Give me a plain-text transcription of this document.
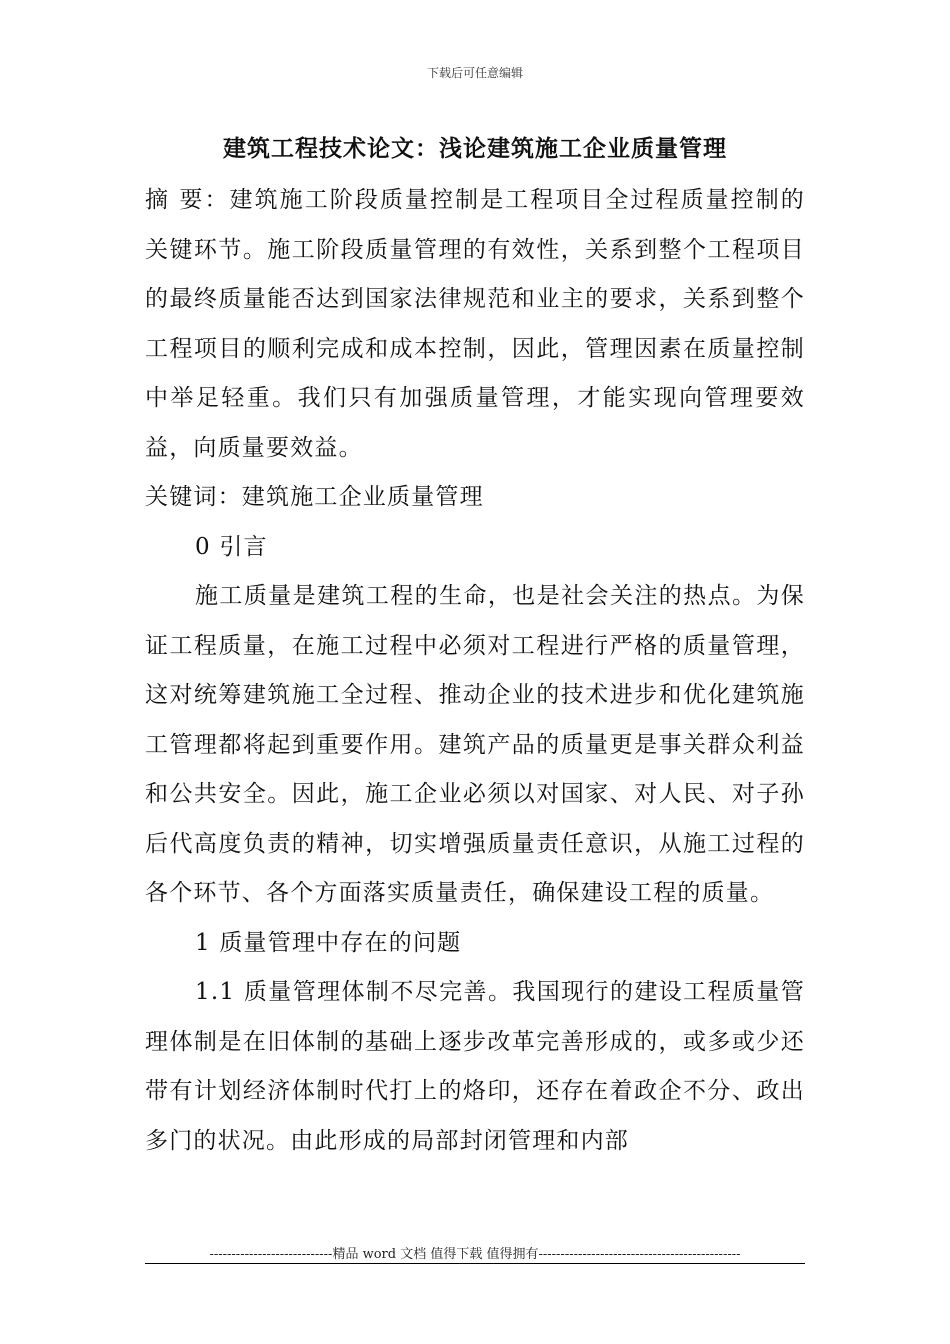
下载后可任意编辑
建筑工程技术论文：浅论建筑施工企业质量管理

摘 要：建筑施工阶段质量控制是工程项目全过程质量控制的关键环节。施工阶段质量管理的有效性，关系到整个工程项目的最终质量能否达到国家法律规范和业主的要求，关系到整个工程项目的顺利完成和成本控制，因此，管理因素在质量控制中举足轻重。我们只有加强质量管理，才能实现向管理要效益，向质量要效益。

关键词：建筑施工企业质量管理

0 引言

施工质量是建筑工程的生命，也是社会关注的热点。为保证工程质量，在施工过程中必须对工程进行严格的质量管理，这对统筹建筑施工全过程、推动企业的技术进步和优化建筑施工管理都将起到重要作用。建筑产品的质量更是事关群众利益和公共安全。因此，施工企业必须以对国家、对人民、对子孙后代高度负责的精神，切实增强质量责任意识，从施工过程的各个环节、各个方面落实质量责任，确保建设工程的质量。

1 质量管理中存在的问题

1.1 质量管理体制不尽完善。我国现行的建设工程质量管理体制是在旧体制的基础上逐步改革完善形成的，或多或少还带有计划经济体制时代打上的烙印，还存在着政企不分、政出多门的状况。由此形成的局部封闭管理和内部

----------------------------精品 word 文档 值得下载 值得拥有----------------------------------------------
